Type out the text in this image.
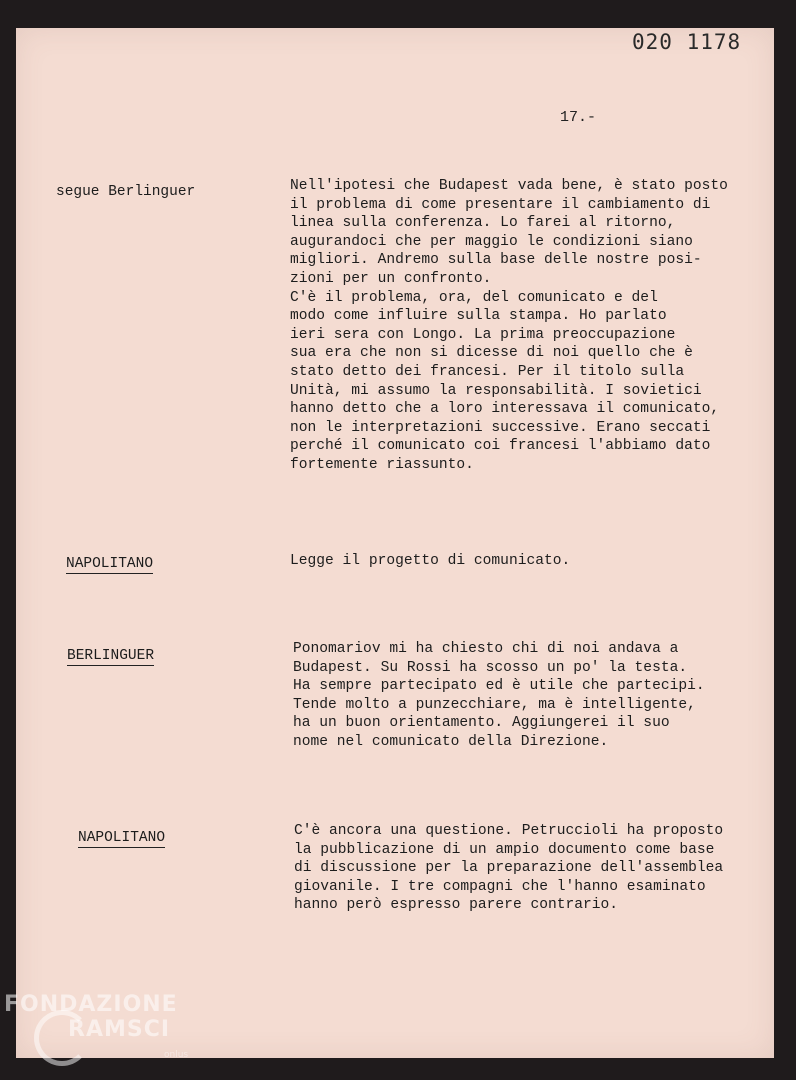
020 1178
17.-
segue Berlinguer	Nell'ipotesi che Budapest vada bene, è stato posto
il problema di come presentare il cambiamento di
linea sulla conferenza. Lo farei al ritorno,
augurandoci che per maggio le condizioni siano
migliori. Andremo sulla base delle nostre posi-
zioni per un confronto.
C'è il problema, ora, del comunicato e del
modo come influire sulla stampa. Ho parlato
ieri sera con Longo. La prima preoccupazione
sua era che non si dicesse di noi quello che è
stato detto dei francesi. Per il titolo sulla
Unità, mi assumo la responsabilità. I sovietici
hanno detto che a loro interessava il comunicato,
non le interpretazioni successive. Erano seccati
perché il comunicato coi francesi l'abbiamo dato
fortemente riassunto.
NAPOLITANO	Legge il progetto di comunicato.
BERLINGUER	Ponomariov mi ha chiesto chi di noi andava a
Budapest. Su Rossi ha scosso un po' la testa.
Ha sempre partecipato ed è utile che partecipi.
Tende molto a punzecchiare, ma è intelligente,
ha un buon orientamento. Aggiungerei il suo
nome nel comunicato della Direzione.
NAPOLITANO	C'è ancora una questione. Petruccioli ha proposto
la pubblicazione di un ampio documento come base
di discussione per la preparazione dell'assemblea
giovanile. I tre compagni che l'hanno esaminato
hanno però espresso parere contrario.
FONDAZIONE
RAMSCI
onlus
